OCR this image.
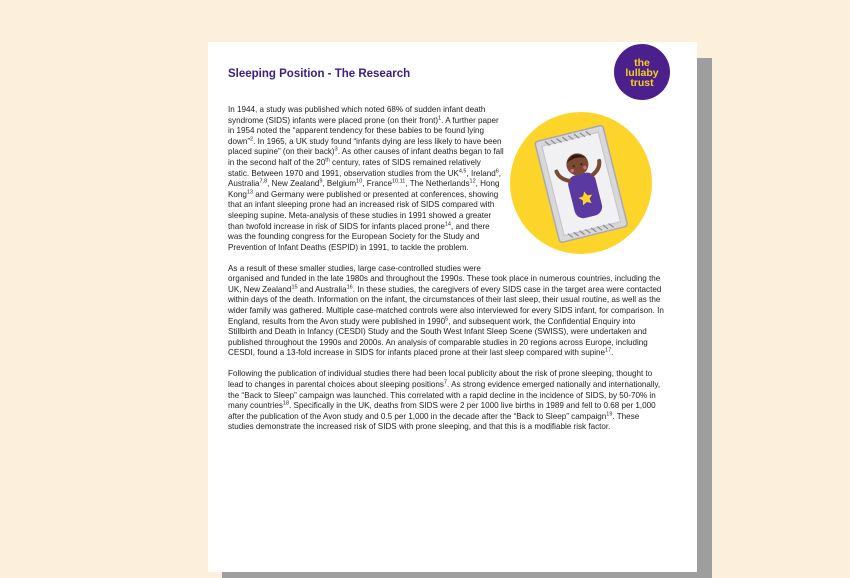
Sleeping Position - The Research
the
lullaby
trust

In 1944, a study was published which noted 68% of sudden infant death syndrome (SIDS) infants were placed prone (on their front)$^1$. A further paper in 1954 noted the “apparent tendency for these babies to be found lying down”$^2$. In 1965, a UK study found “infants dying are less likely to have been placed supine” (on their back)$^3$. As other causes of infant deaths began to fall in the second half of the 20th century, rates of SIDS remained relatively static. Between 1970 and 1991, observation studies from the UK$^{4,5}$, Ireland$^6$, Australia$^{7,8}$, New Zealand$^9$, Belgium$^{10}$, France$^{10,11}$, The Netherlands$^{12}$, Hong Kong$^{13}$ and Germany were published or presented at conferences, showing that an infant sleeping prone had an increased risk of SIDS compared with sleeping supine. Meta-analysis of these studies in 1991 showed a greater than twofold increase in risk of SIDS for infants placed prone$^{14}$, and there was the founding congress for the European Society for the Study and Prevention of Infant Deaths (ESPID) in 1991, to tackle the problem.

As a result of these smaller studies, large case-controlled studies were organised and funded in the late 1980s and throughout the 1990s. These took place in numerous countries, including the UK, New Zealand$^{15}$ and Australia$^{16}$. In these studies, the caregivers of every SIDS case in the target area were contacted within days of the death. Information on the infant, the circumstances of their last sleep, their usual routine, as well as the wider family was gathered. Multiple case-matched controls were also interviewed for every SIDS infant, for comparison. In England, results from the Avon study were published in 1990$^5$, and subsequent work, the Confidential Enquiry into Stillbirth and Death in Infancy (CESDI) Study and the South West Infant Sleep Scene (SWISS), were undertaken and published throughout the 1990s and 2000s. An analysis of comparable studies in 20 regions across Europe, including CESDI, found a 13-fold increase in SIDS for infants placed prone at their last sleep compared with supine$^{17}$.

Following the publication of individual studies there had been local publicity about the risk of prone sleeping, thought to lead to changes in parental choices about sleeping positions$^7$. As strong evidence emerged nationally and internationally, the “Back to Sleep” campaign was launched. This correlated with a rapid decline in the incidence of SIDS, by 50-70% in many countries$^{18}$. Specifically in the UK, deaths from SIDS were 2 per 1000 live births in 1989 and fell to 0.68 per 1,000 after the publication of the Avon study and 0.5 per 1,000 in the decade after the “Back to Sleep” campaign$^{19}$. These studies demonstrate the increased risk of SIDS with prone sleeping, and that this is a modifiable risk factor.
